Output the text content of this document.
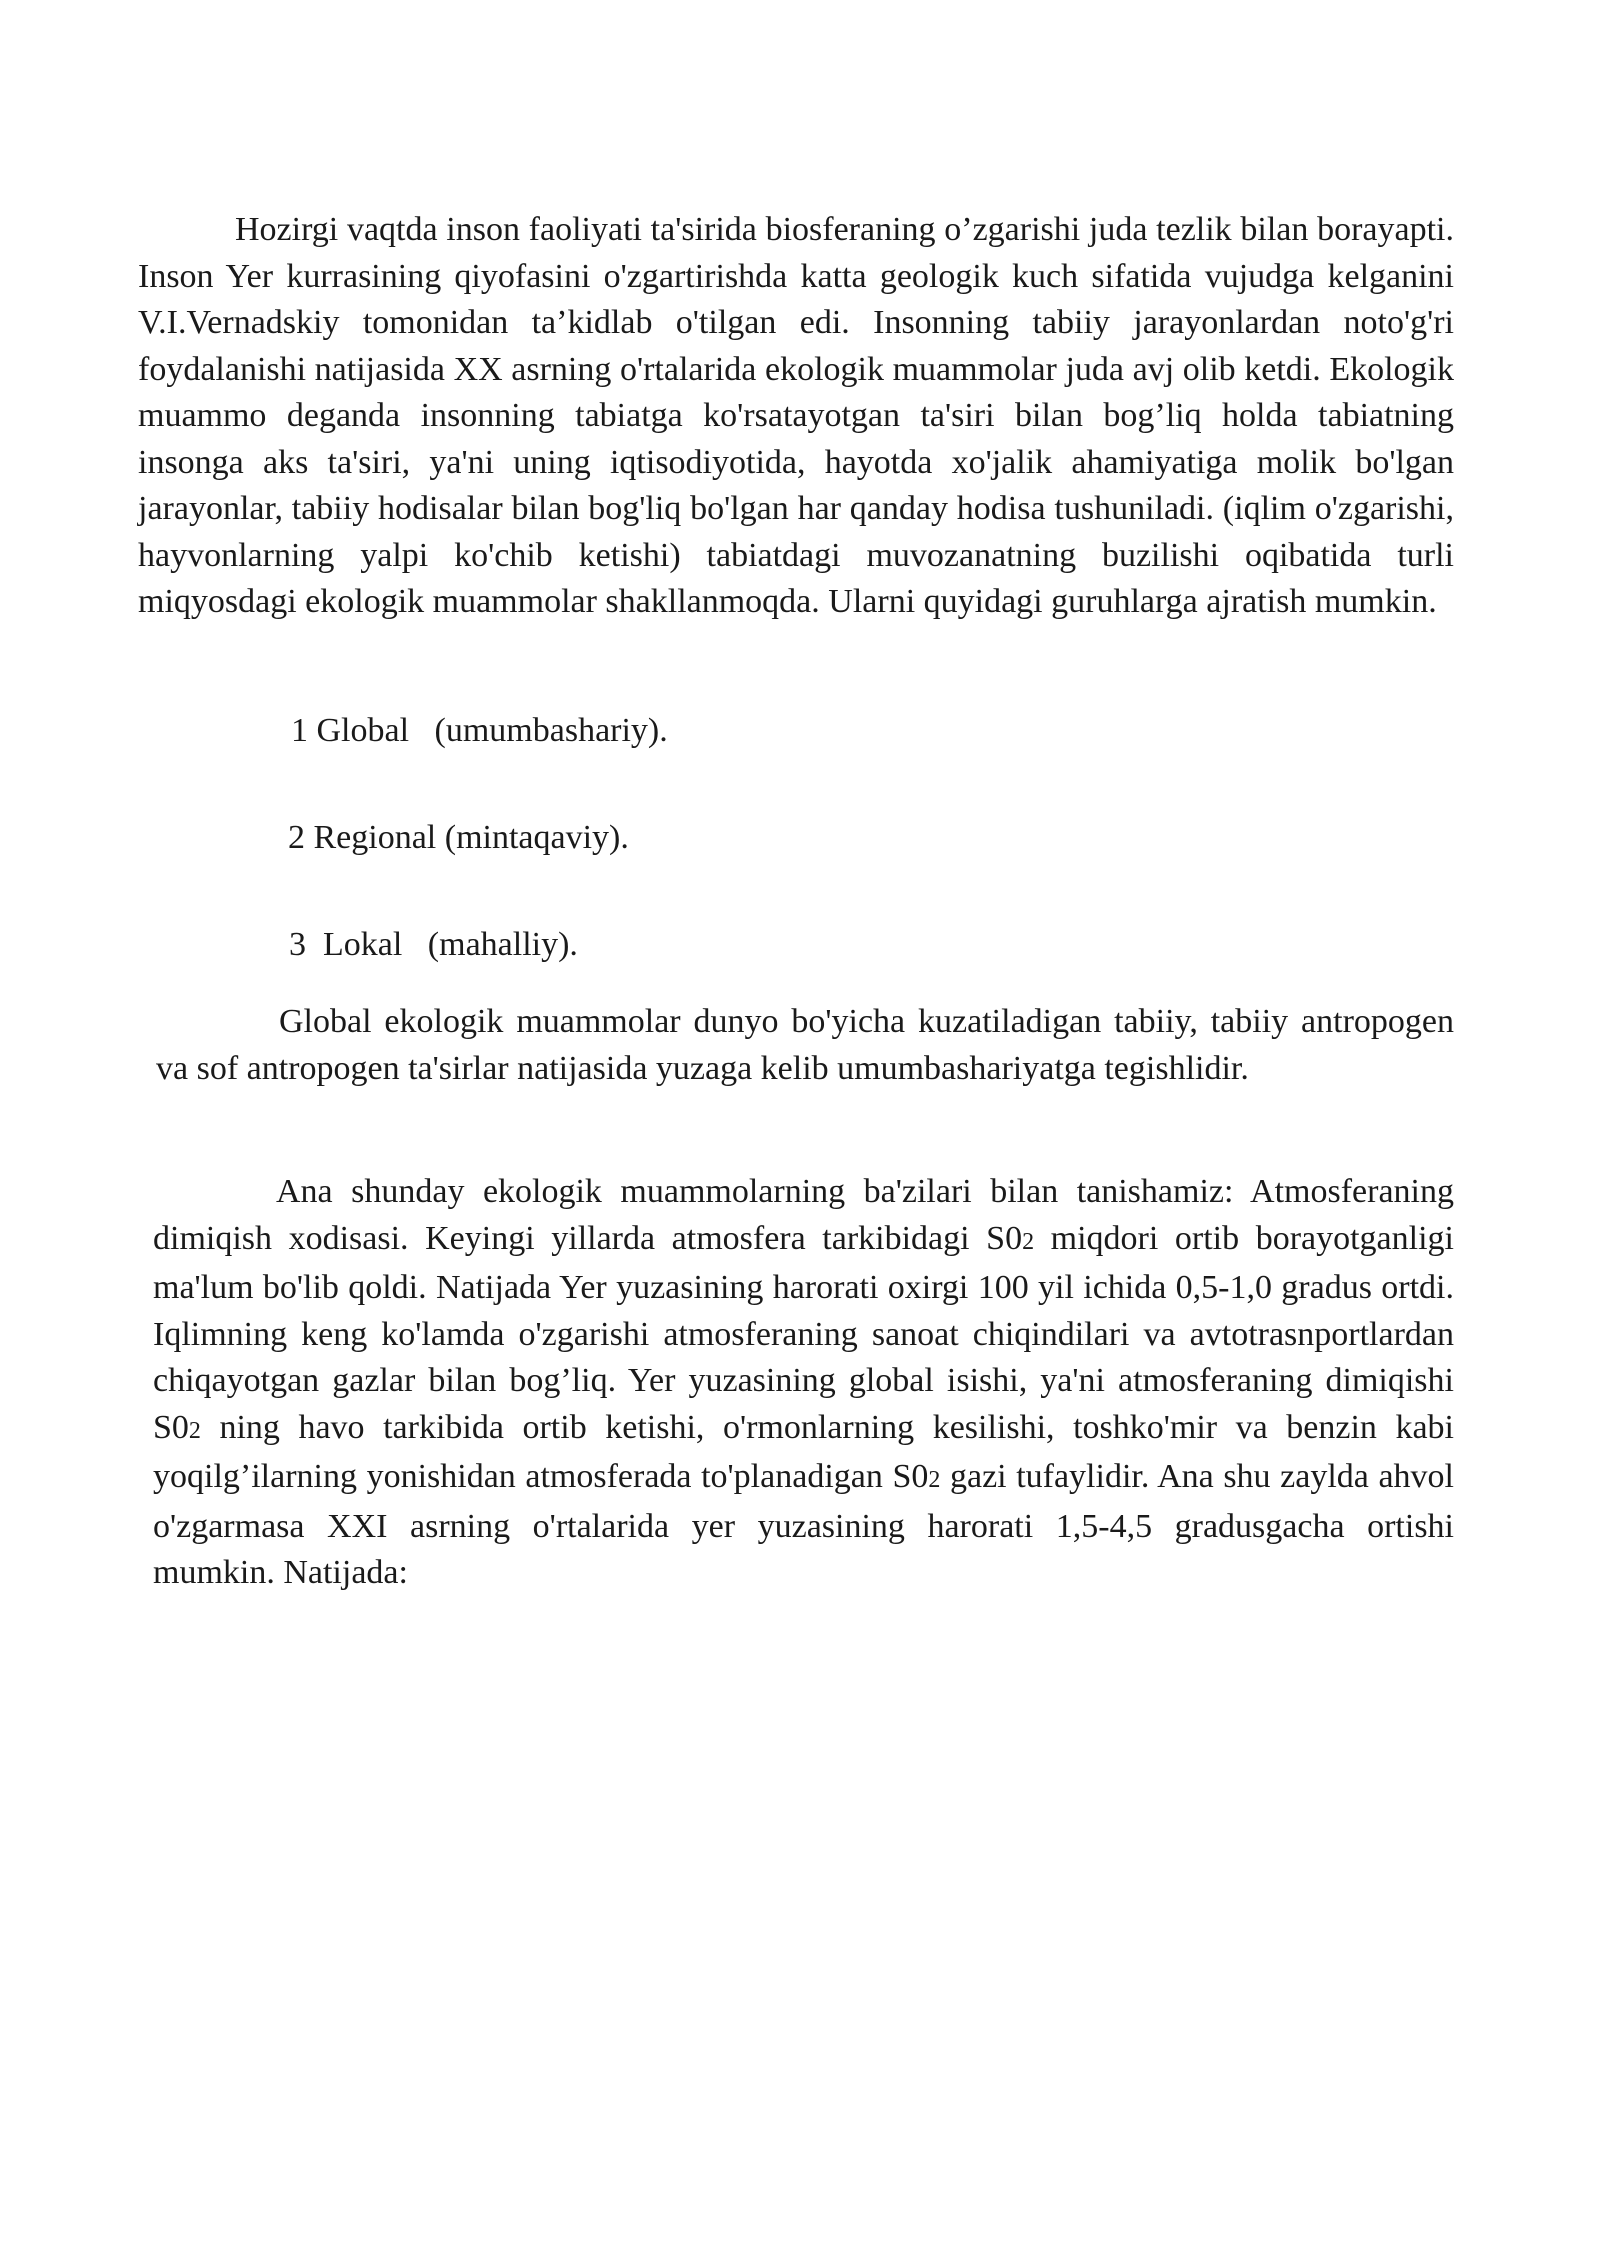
Hozirgi vaqtda inson faoliyati ta'sirida biosferaning o’zgarishi juda tezlik bilan borayapti. Inson Yer kurrasining qiyofasini o'zgartirishda katta geologik kuch sifatida vujudga kelganini V.I.Vernadskiy tomonidan ta’kidlab o'tilgan edi. Insonning tabiiy jarayonlardan noto'g'ri foydalanishi natijasida XX asrning o'rtalarida ekologik muammolar juda avj olib ketdi. Ekologik muammo deganda insonning tabiatga ko'rsatayotgan ta'siri bilan bog’liq holda tabiatning insonga aks ta'siri, ya'ni uning iqtisodiyotida, hayotda xo'jalik ahamiyatiga molik bo'lgan jarayonlar, tabiiy hodisalar bilan bog'liq bo'lgan har qanday hodisa tushuniladi. (iqlim o'zgarishi, hayvonlarning yalpi ko'chib ketishi) tabiatdagi muvozanatning buzilishi oqibatida turli miqyosdagi ekologik muammolar shakllanmoqda. Ularni quyidagi guruhlarga ajratish mumkin.

1 Global   (umumbashariy).
2 Regional (mintaqaviy).
3  Lokal   (mahalliy).

Global ekologik muammolar dunyo bo'yicha kuzatiladigan tabiiy, tabiiy antropogen va sof antropogen ta'sirlar natijasida yuzaga kelib umumbashariyatga tegishlidir.

Ana shunday ekologik muammolarning ba'zilari bilan tanishamiz: Atmosferaning dimiqish xodisasi. Keyingi yillarda atmosfera tarkibidagi S02 miqdori ortib borayotganligi ma'lum bo'lib qoldi. Natijada Yer yuzasining harorati oxirgi 100 yil ichida 0,5-1,0 gradus ortdi. Iqlimning keng ko'lamda o'zgarishi atmosferaning sanoat chiqindilari va avtotrasnportlardan chiqayotgan gazlar bilan bog’liq. Yer yuzasining global isishi, ya'ni atmosferaning dimiqishi S02 ning havo tarkibida ortib ketishi, o'rmonlarning kesilishi, toshko'mir va benzin kabi yoqilg’ilarning yonishidan atmosferada to'planadigan S02 gazi tufaylidir. Ana shu zaylda ahvol o'zgarmasa XXI asrning o'rtalarida yer yuzasining harorati 1,5-4,5 gradusgacha ortishi mumkin. Natijada:
